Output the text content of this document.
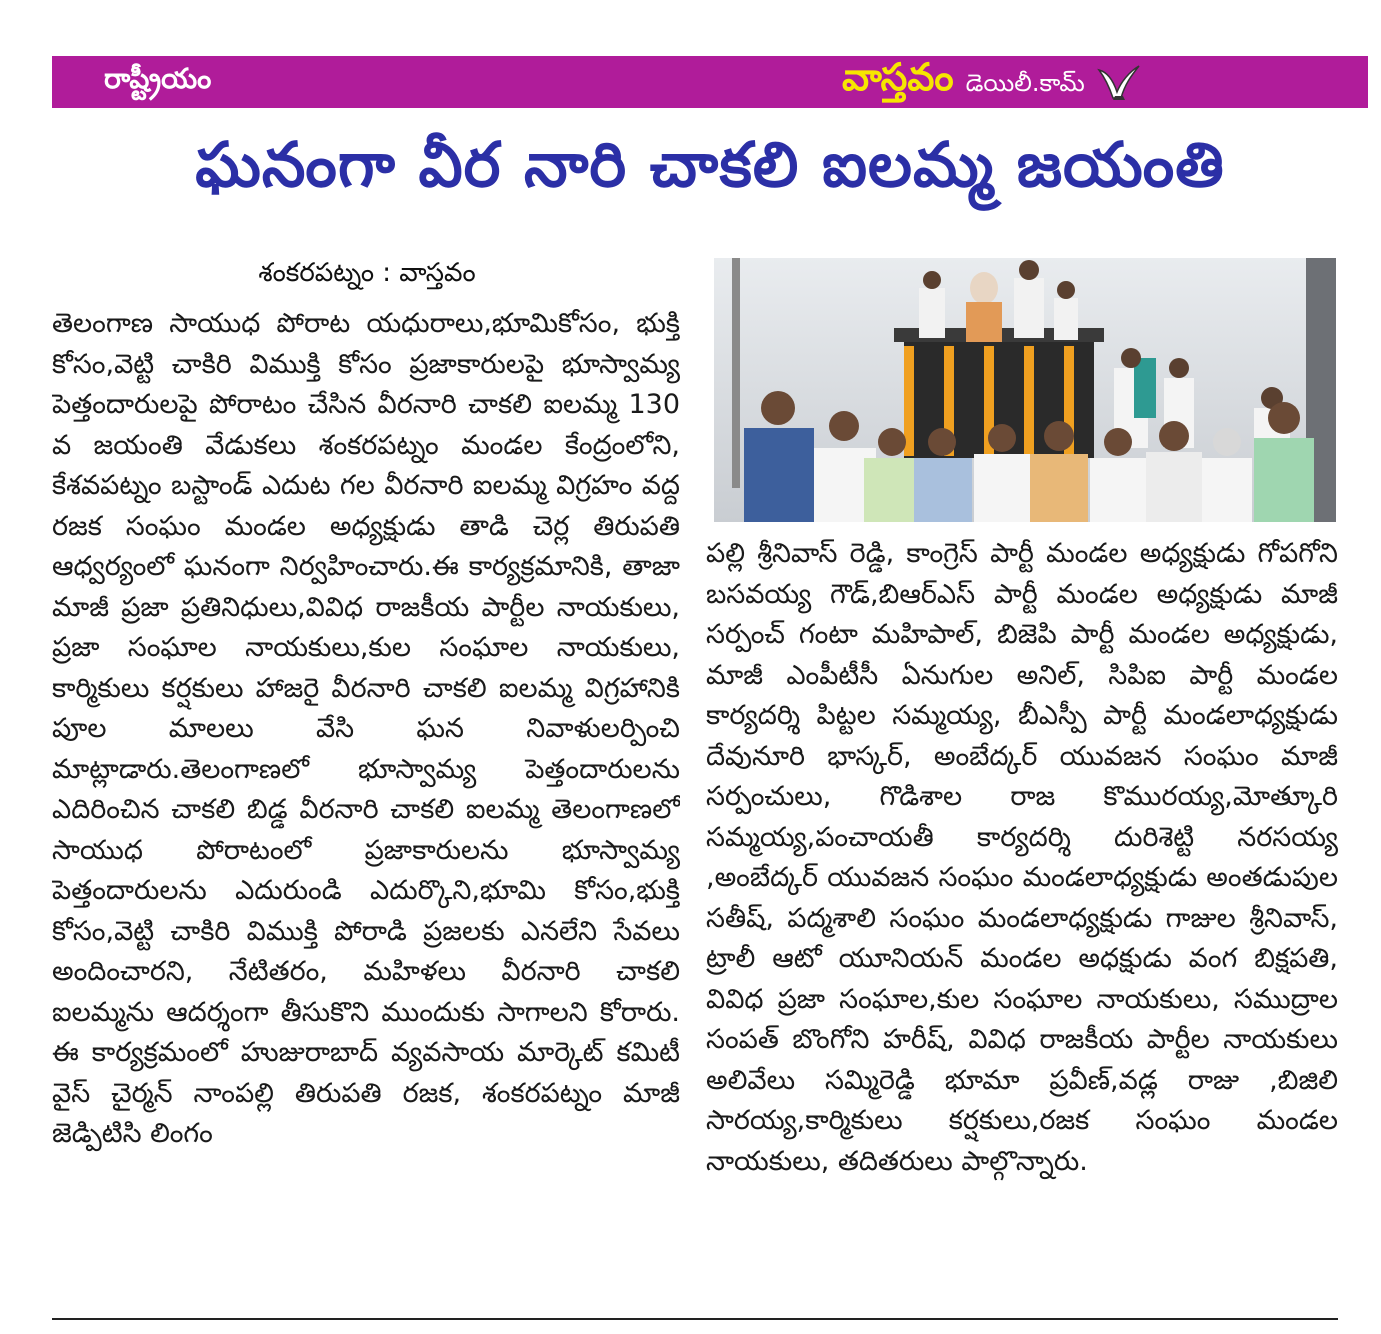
రాష్ట్రీయం	వాస్తవం డెయిలీ.కామ్
ఘనంగా వీర నారి చాకలి ఐలమ్మ జయంతి
శంకరపట్నం : వాస్తవం
తెలంగాణ సాయుధ పోరాట యధురాలు,భూమికోసం, భుక్తి కోసం,వెట్టి చాకిరి విముక్తి కోసం ప్రజాకారులపై భూస్వామ్య పెత్తందారులపై పోరాటం చేసిన వీరనారి చాకలి ఐలమ్మ 130 వ జయంతి వేడుకలు శంకరపట్నం మండల కేంద్రంలోని, కేశవపట్నం బస్టాండ్ ఎదుట గల వీరనారి ఐలమ్మ విగ్రహం వద్ద రజక సంఘం మండల అధ్యక్షుడు తాడి చెర్ల తిరుపతి ఆధ్వర్యంలో ఘనంగా నిర్వహించారు.ఈ కార్యక్రమానికి, తాజా మాజీ ప్రజా ప్రతినిధులు,వివిధ రాజకీయ పార్టీల నాయకులు, ప్రజా సంఘాల నాయకులు,కుల సంఘాల నాయకులు, కార్మికులు కర్షకులు హాజరై వీరనారి చాకలి ఐలమ్మ విగ్రహానికి పూల మాలలు వేసి ఘన నివాళులర్పించి మాట్లాడారు.తెలంగాణలో భూస్వామ్య పెత్తందారులను ఎదిరించిన చాకలి బిడ్డ వీరనారి చాకలి ఐలమ్మ తెలంగాణలో సాయుధ పోరాటంలో ప్రజాకారులను భూస్వామ్య పెత్తందారులను ఎదురుండి ఎదుర్కొని,భూమి కోసం,భుక్తి కోసం,వెట్టి చాకిరి విముక్తి పోరాడి ప్రజలకు ఎనలేని సేవలు అందించారని, నేటితరం, మహిళలు వీరనారి చాకలి ఐలమ్మను ఆదర్శంగా తీసుకొని ముందుకు సాగాలని కోరారు. ఈ కార్యక్రమంలో హుజురాబాద్ వ్యవసాయ మార్కెట్ కమిటీ వైస్ చైర్మన్ నాంపల్లి తిరుపతి రజక, శంకరపట్నం మాజీ జెడ్పిటిసి లింగం
పల్లి శ్రీనివాస్ రెడ్డి, కాంగ్రెస్ పార్టీ మండల అధ్యక్షుడు గోపగోని బసవయ్య గౌడ్,బిఆర్ఎస్ పార్టీ మండల అధ్యక్షుడు మాజీ సర్పంచ్ గంటా మహిపాల్, బిజెపి పార్టీ మండల అధ్యక్షుడు, మాజీ ఎంపీటీసీ ఏనుగుల అనిల్, సిపిఐ పార్టీ మండల కార్యదర్శి పిట్టల సమ్మయ్య, బీఎస్పీ పార్టీ మండలాధ్యక్షుడు దేవునూరి భాస్కర్, అంబేద్కర్ యువజన సంఘం మాజీ సర్పంచులు, గొడిశాల రాజ కొమురయ్య,మోత్కూరి సమ్మయ్య,పంచాయతీ కార్యదర్శి దురిశెట్టి నరసయ్య ,అంబేద్కర్ యువజన సంఘం మండలాధ్యక్షుడు అంతడుపుల సతీష్, పద్మశాలి సంఘం మండలాధ్యక్షుడు గాజుల శ్రీనివాస్, ట్రాలీ ఆటో యూనియన్ మండల అధక్షుడు వంగ బిక్షపతి, వివిధ ప్రజా సంఘాల,కుల సంఘాల నాయకులు, సముద్రాల సంపత్ బొంగోని హరీష్, వివిధ రాజకీయ పార్టీల నాయకులు అలివేలు సమ్మిరెడ్డి భూమా ప్రవీణ్,వడ్ల రాజు ,బిజిలి సారయ్య,కార్మికులు కర్షకులు,రజక సంఘం మండల నాయకులు, తదితరులు పాల్గొన్నారు.
